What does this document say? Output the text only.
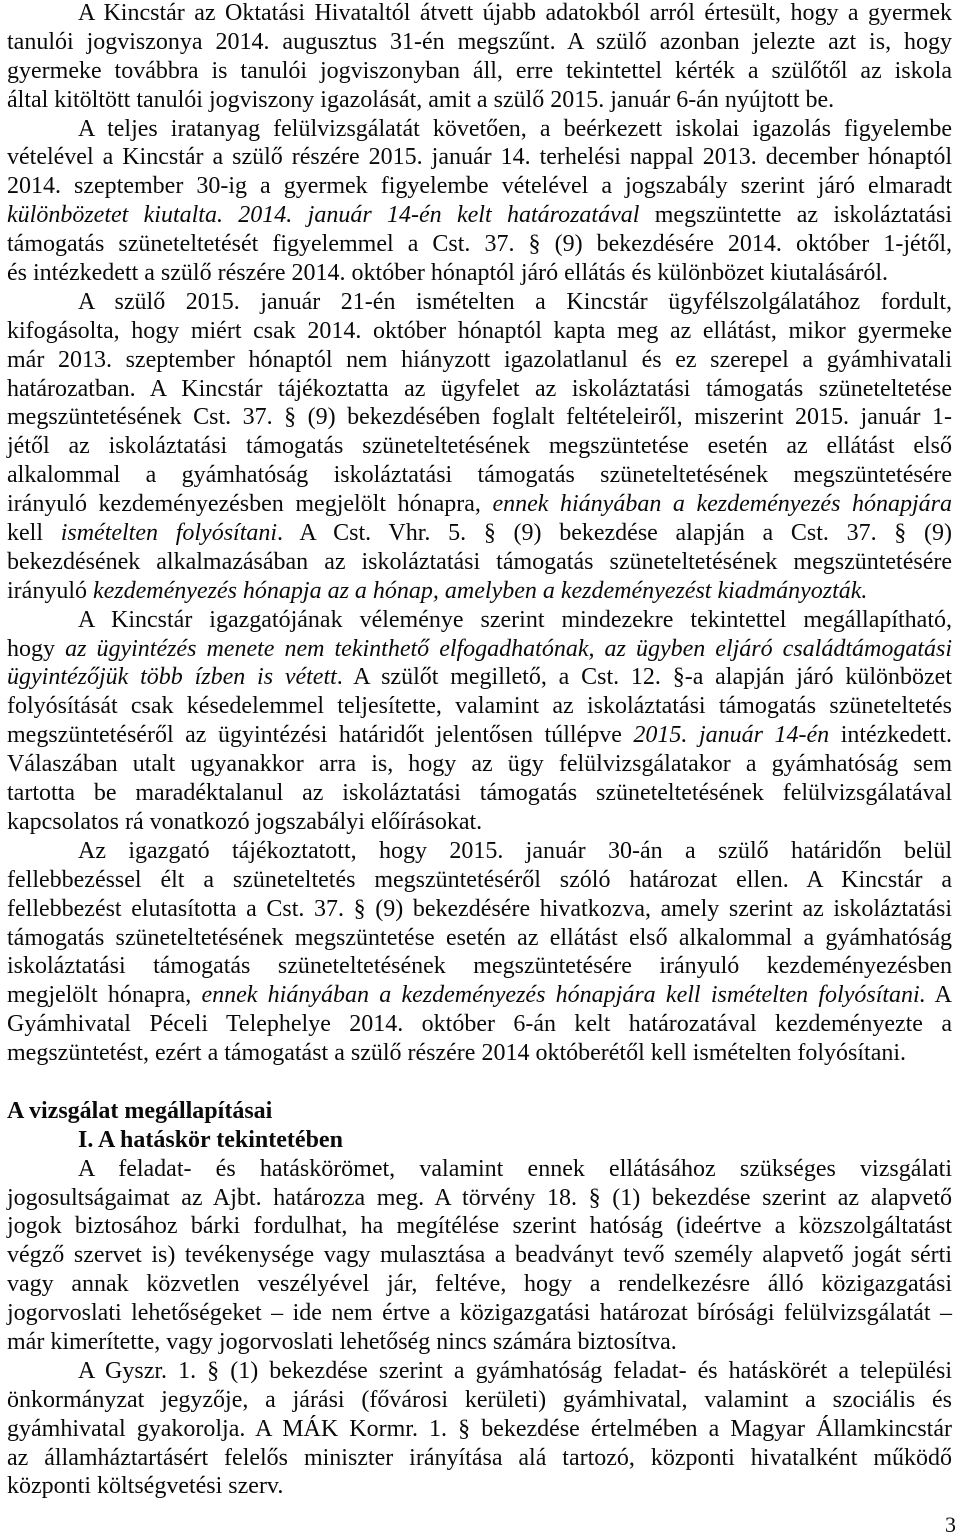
A Kincstár az Oktatási Hivataltól átvett újabb adatokból arról értesült, hogy a gyermek
tanulói jogviszonya 2014. augusztus 31-én megszűnt. A szülő azonban jelezte azt is, hogy
gyermeke továbbra is tanulói jogviszonyban áll, erre tekintettel kérték a szülőtől az iskola
által kitöltött tanulói jogviszony igazolását, amit a szülő 2015. január 6-án nyújtott be.
A teljes iratanyag felülvizsgálatát követően, a beérkezett iskolai igazolás figyelembe
vételével a Kincstár a szülő részére 2015. január 14. terhelési nappal 2013. december hónaptól
2014. szeptember 30-ig a gyermek figyelembe vételével a jogszabály szerint járó elmaradt
különbözetet kiutalta. 2014. január 14-én kelt határozatával megszüntette az iskoláztatási
támogatás szüneteltetését figyelemmel a Cst. 37. § (9) bekezdésére 2014. október 1-jétől,
és intézkedett a szülő részére 2014. október hónaptól járó ellátás és különbözet kiutalásáról.
A szülő 2015. január 21-én ismételten a Kincstár ügyfélszolgálatához fordult,
kifogásolta, hogy miért csak 2014. október hónaptól kapta meg az ellátást, mikor gyermeke
már 2013. szeptember hónaptól nem hiányzott igazolatlanul és ez szerepel a gyámhivatali
határozatban. A Kincstár tájékoztatta az ügyfelet az iskoláztatási támogatás szüneteltetése
megszüntetésének Cst. 37. § (9) bekezdésében foglalt feltételeiről, miszerint 2015. január 1-
jétől az iskoláztatási támogatás szüneteltetésének megszüntetése esetén az ellátást első
alkalommal a gyámhatóság iskoláztatási támogatás szüneteltetésének megszüntetésére
irányuló kezdeményezésben megjelölt hónapra, ennek hiányában a kezdeményezés hónapjára
kell ismételten folyósítani. A Cst. Vhr. 5. § (9) bekezdése alapján a Cst. 37. § (9)
bekezdésének alkalmazásában az iskoláztatási támogatás szüneteltetésének megszüntetésére
irányuló kezdeményezés hónapja az a hónap, amelyben a kezdeményezést kiadmányozták.
A Kincstár igazgatójának véleménye szerint mindezekre tekintettel megállapítható,
hogy az ügyintézés menete nem tekinthető elfogadhatónak, az ügyben eljáró családtámogatási
ügyintézőjük több ízben is vétett. A szülőt megillető, a Cst. 12. §-a alapján járó különbözet
folyósítását csak késedelemmel teljesítette, valamint az iskoláztatási támogatás szüneteltetés
megszüntetéséről az ügyintézési határidőt jelentősen túllépve 2015. január 14-én intézkedett.
Válaszában utalt ugyanakkor arra is, hogy az ügy felülvizsgálatakor a gyámhatóság sem
tartotta be maradéktalanul az iskoláztatási támogatás szüneteltetésének felülvizsgálatával
kapcsolatos rá vonatkozó jogszabályi előírásokat.
Az igazgató tájékoztatott, hogy 2015. január 30-án a szülő határidőn belül
fellebbezéssel élt a szüneteltetés megszüntetéséről szóló határozat ellen. A Kincstár a
fellebbezést elutasította a Cst. 37. § (9) bekezdésére hivatkozva, amely szerint az iskoláztatási
támogatás szüneteltetésének megszüntetése esetén az ellátást első alkalommal a gyámhatóság
iskoláztatási támogatás szüneteltetésének megszüntetésére irányuló kezdeményezésben
megjelölt hónapra, ennek hiányában a kezdeményezés hónapjára kell ismételten folyósítani. A
Gyámhivatal Péceli Telephelye 2014. október 6-án kelt határozatával kezdeményezte a
megszüntetést, ezért a támogatást a szülő részére 2014 októberétől kell ismételten folyósítani.
A vizsgálat megállapításai
I. A hatáskör tekintetében
A feladat- és hatáskörömet, valamint ennek ellátásához szükséges vizsgálati
jogosultságaimat az Ajbt. határozza meg. A törvény 18. § (1) bekezdése szerint az alapvető
jogok biztosához bárki fordulhat, ha megítélése szerint hatóság (ideértve a közszolgáltatást
végző szervet is) tevékenysége vagy mulasztása a beadványt tevő személy alapvető jogát sérti
vagy annak közvetlen veszélyével jár, feltéve, hogy a rendelkezésre álló közigazgatási
jogorvoslati lehetőségeket – ide nem értve a közigazgatási határozat bírósági felülvizsgálatát –
már kimerítette, vagy jogorvoslati lehetőség nincs számára biztosítva.
A Gyszr. 1. § (1) bekezdése szerint a gyámhatóság feladat- és hatáskörét a települési
önkormányzat jegyzője, a járási (fővárosi kerületi) gyámhivatal, valamint a szociális és
gyámhivatal gyakorolja. A MÁK Kormr. 1. § bekezdése értelmében a Magyar Államkincstár
az államháztartásért felelős miniszter irányítása alá tartozó, központi hivatalként működő
központi költségvetési szerv.
3
